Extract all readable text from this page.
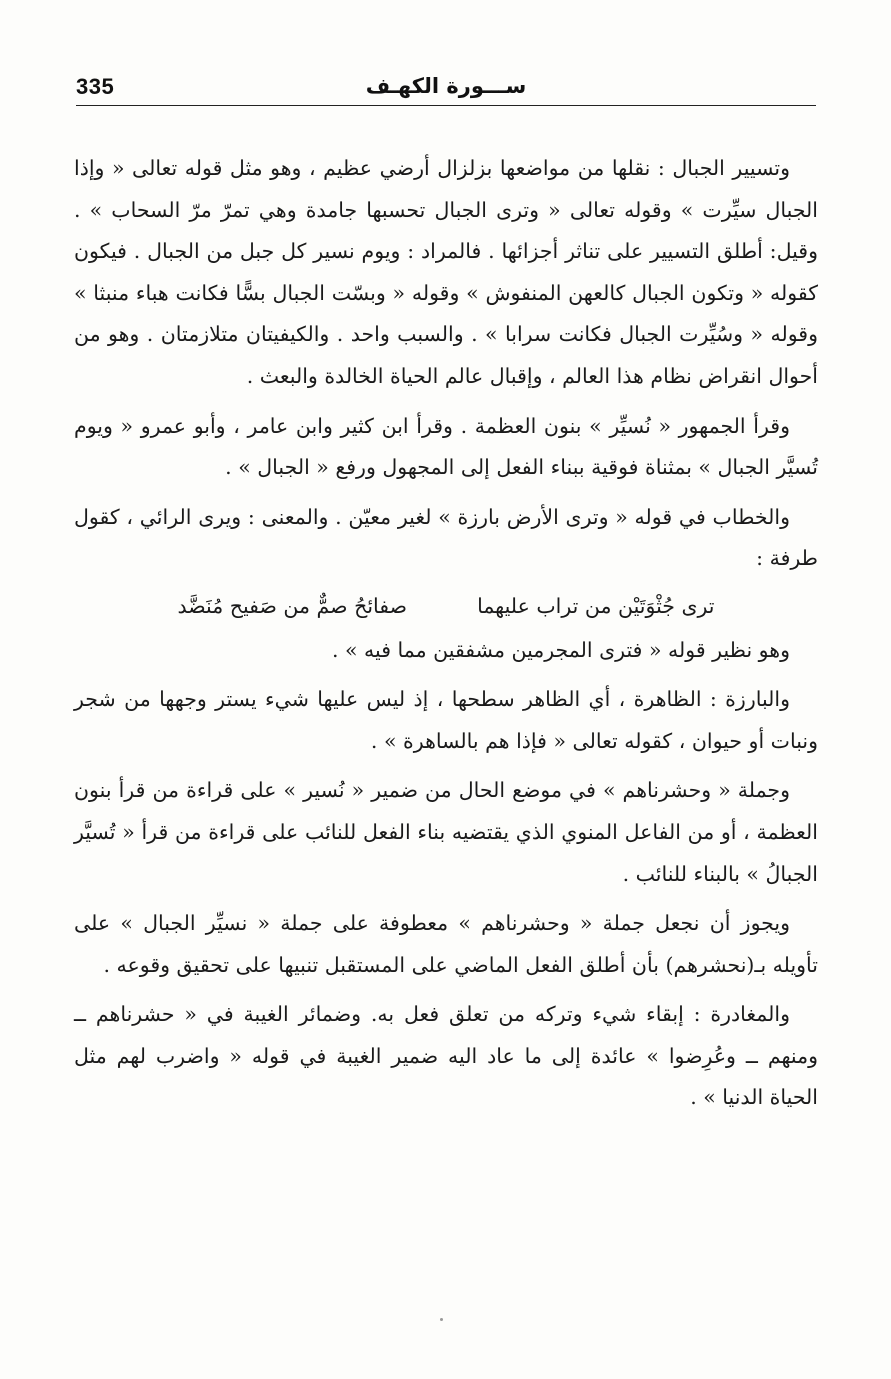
335	ســـورة الكهـف

وتسيير الجبال : نقلها من مواضعها بزلزال أرضي عظيم ، وهو مثل قوله تعالى « وإذا الجبال سيِّرت » وقوله تعالى « وترى الجبال تحسبها جامدة وهي تمرّ مرّ السحاب » . وقيل: أطلق التسيير على تناثر أجزائها . فالمراد : ويوم نسير كل جبل من الجبال . فيكون كقوله « وتكون الجبال كالعهن المنفوش » وقوله « وبسّت الجبال بسًّا فكانت هباء منبثا » وقوله « وسُيِّرت الجبال فكانت سرابا » . والسبب واحد . والكيفيتان متلازمتان . وهو من أحوال انقراض نظام هذا العالم ، وإقبال عالم الحياة الخالدة والبعث .

وقرأ الجمهور « نُسيِّر » بنون العظمة . وقرأ ابن كثير وابن عامر ، وأبو عمرو « ويوم تُسيَّر الجبال » بمثناة فوقية ببناء الفعل إلى المجهول ورفع « الجبال » .

والخطاب في قوله « وترى الأرض بارزة » لغير معيّن . والمعنى : ويرى الرائي ، كقول طرفة :

ترى جُثْوَتَيْن من تراب عليهما
صفائحُ صمٌّ من صَفيح مُنَضَّد

وهو نظير قوله « فترى المجرمين مشفقين مما فيه » .

والبارزة : الظاهرة ، أي الظاهر سطحها ، إذ ليس عليها شيء يستر وجهها من شجر ونبات أو حيوان ، كقوله تعالى « فإذا هم بالساهرة » .

وجملة « وحشرناهم » في موضع الحال من ضمير « نُسير » على قراءة من قرأ بنون العظمة ، أو من الفاعل المنوي الذي يقتضيه بناء الفعل للنائب على قراءة من قرأ « تُسيَّر الجبالُ » بالبناء للنائب .

ويجوز أن نجعل جملة « وحشرناهم » معطوفة على جملة « نسيِّر الجبال » على تأويله بـ(نحشرهم) بأن أطلق الفعل الماضي على المستقبل تنبيها على تحقيق وقوعه .

والمغادرة : إبقاء شيء وتركه من تعلق فعل به. وضمائر الغيبة في « حشرناهم ــ ومنهم ــ وعُرِضوا » عائدة إلى ما عاد اليه ضمير الغيبة في قوله « واضرب لهم مثل الحياة الدنيا » .
